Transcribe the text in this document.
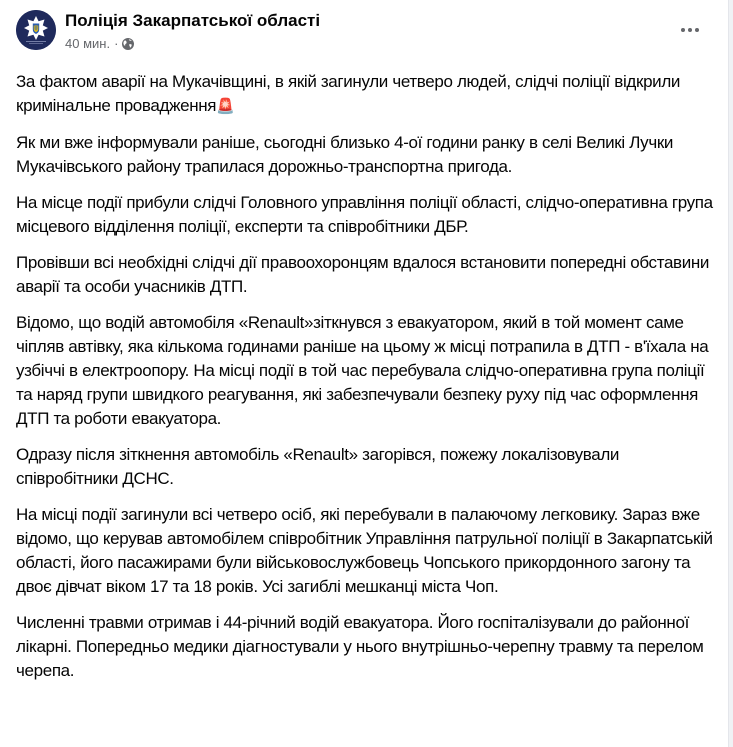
Поліція Закарпатської області
40 мин. ·

За фактом аварії на Мукачівщині, в якій загинули четверо людей, слідчі поліції відкрили кримінальне провадження🚨

Як ми вже інформували раніше, сьогодні близько 4-ої години ранку в селі Великі Лучки Мукачівського району трапилася дорожньо-транспортна пригода.

На місце події прибули слідчі Головного управління поліції області, слідчо-оперативна група місцевого відділення поліції, експерти та співробітники ДБР.

Провівши всі необхідні слідчі дії правоохоронцям вдалося встановити попередні обставини аварії та особи учасників ДТП.

Відомо, що водій автомобіля «Renault»зіткнувся з евакуатором, який в той момент саме чіпляв автівку, яка кількома годинами раніше на цьому ж місці потрапила в ДТП - в'їхала на узбіччі в електроопору. На місці події в той час перебувала слідчо-оперативна група поліції та наряд групи швидкого реагування, які забезпечували безпеку руху під час оформлення ДТП та роботи евакуатора.

Одразу після зіткнення автомобіль «Renault» загорівся, пожежу локалізовували співробітники ДСНС.

На місці події загинули всі четверо осіб, які перебували в палаючому легковику. Зараз вже відомо, що керував автомобілем співробітник Управління патрульної поліції в Закарпатській області, його пасажирами були військовослужбовець Чопського прикордонного загону та двоє дівчат віком 17 та 18 років. Усі загиблі мешканці міста Чоп.

Численні травми отримав і 44-річний водій евакуатора. Його госпіталізували до районної лікарні. Попередньо медики діагностували у нього внутрішньо-черепну травму та перелом черепа.
